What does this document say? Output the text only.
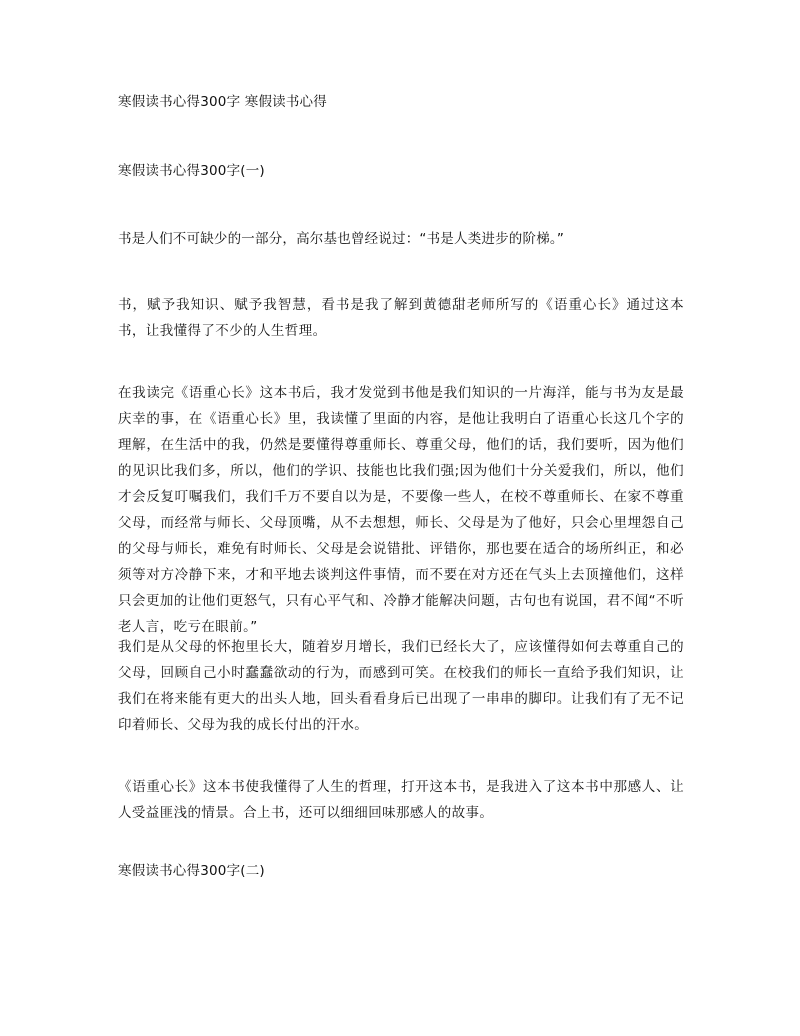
寒假读书心得300字 寒假读书心得
寒假读书心得300字(一)
书是人们不可缺少的一部分，高尔基也曾经说过：“书是人类进步的阶梯。”
书，赋予我知识、赋予我智慧，看书是我了解到黄德甜老师所写的《语重心长》通过这本书，让我懂得了不少的人生哲理。
在我读完《语重心长》这本书后，我才发觉到书他是我们知识的一片海洋，能与书为友是最庆幸的事，在《语重心长》里，我读懂了里面的内容，是他让我明白了语重心长这几个字的理解，在生活中的我，仍然是要懂得尊重师长、尊重父母，他们的话，我们要听，因为他们的见识比我们多，所以，他们的学识、技能也比我们强;因为他们十分关爱我们，所以，他们才会反复叮嘱我们，我们千万不要自以为是，不要像一些人，在校不尊重师长、在家不尊重父母，而经常与师长、父母顶嘴，从不去想想，师长、父母是为了他好，只会心里埋怨自己的父母与师长，难免有时师长、父母是会说错批、评错你，那也要在适合的场所纠正，和必须等对方冷静下来，才和平地去谈判这件事情，而不要在对方还在气头上去顶撞他们，这样只会更加的让他们更怒气，只有心平气和、冷静才能解决问题，古句也有说国，君不闻“不听老人言，吃亏在眼前。”
我们是从父母的怀抱里长大，随着岁月增长，我们已经长大了，应该懂得如何去尊重自己的父母，回顾自己小时蠢蠢欲动的行为，而感到可笑。在校我们的师长一直给予我们知识，让我们在将来能有更大的出头人地，回头看看身后已出现了一串串的脚印。让我们有了无不记印着师长、父母为我的成长付出的汗水。
《语重心长》这本书使我懂得了人生的哲理，打开这本书，是我进入了这本书中那感人、让人受益匪浅的情景。合上书，还可以细细回味那感人的故事。
寒假读书心得300字(二)
